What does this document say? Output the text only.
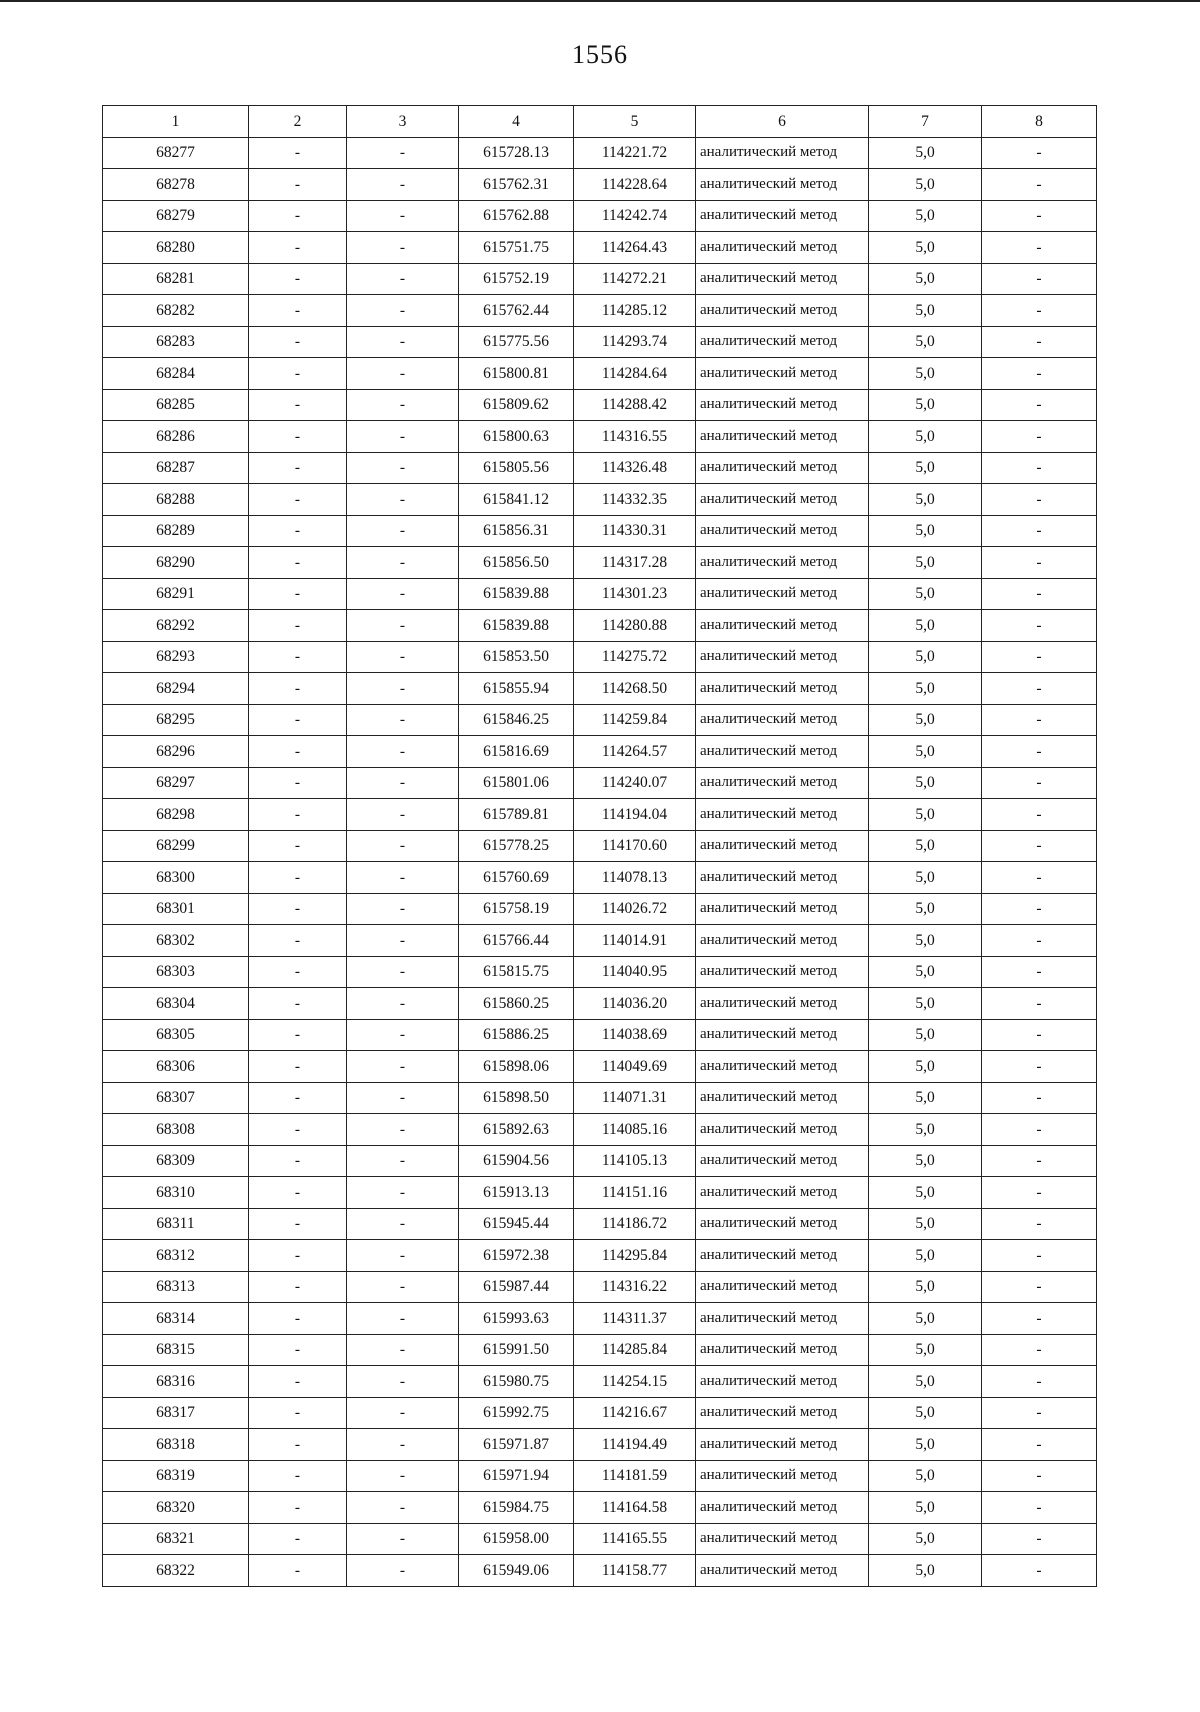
1556
1	2	3	4	5	6	7	8
68277	-	-	615728.13	114221.72	аналитический метод	5,0	-
68278	-	-	615762.31	114228.64	аналитический метод	5,0	-
68279	-	-	615762.88	114242.74	аналитический метод	5,0	-
68280	-	-	615751.75	114264.43	аналитический метод	5,0	-
68281	-	-	615752.19	114272.21	аналитический метод	5,0	-
68282	-	-	615762.44	114285.12	аналитический метод	5,0	-
68283	-	-	615775.56	114293.74	аналитический метод	5,0	-
68284	-	-	615800.81	114284.64	аналитический метод	5,0	-
68285	-	-	615809.62	114288.42	аналитический метод	5,0	-
68286	-	-	615800.63	114316.55	аналитический метод	5,0	-
68287	-	-	615805.56	114326.48	аналитический метод	5,0	-
68288	-	-	615841.12	114332.35	аналитический метод	5,0	-
68289	-	-	615856.31	114330.31	аналитический метод	5,0	-
68290	-	-	615856.50	114317.28	аналитический метод	5,0	-
68291	-	-	615839.88	114301.23	аналитический метод	5,0	-
68292	-	-	615839.88	114280.88	аналитический метод	5,0	-
68293	-	-	615853.50	114275.72	аналитический метод	5,0	-
68294	-	-	615855.94	114268.50	аналитический метод	5,0	-
68295	-	-	615846.25	114259.84	аналитический метод	5,0	-
68296	-	-	615816.69	114264.57	аналитический метод	5,0	-
68297	-	-	615801.06	114240.07	аналитический метод	5,0	-
68298	-	-	615789.81	114194.04	аналитический метод	5,0	-
68299	-	-	615778.25	114170.60	аналитический метод	5,0	-
68300	-	-	615760.69	114078.13	аналитический метод	5,0	-
68301	-	-	615758.19	114026.72	аналитический метод	5,0	-
68302	-	-	615766.44	114014.91	аналитический метод	5,0	-
68303	-	-	615815.75	114040.95	аналитический метод	5,0	-
68304	-	-	615860.25	114036.20	аналитический метод	5,0	-
68305	-	-	615886.25	114038.69	аналитический метод	5,0	-
68306	-	-	615898.06	114049.69	аналитический метод	5,0	-
68307	-	-	615898.50	114071.31	аналитический метод	5,0	-
68308	-	-	615892.63	114085.16	аналитический метод	5,0	-
68309	-	-	615904.56	114105.13	аналитический метод	5,0	-
68310	-	-	615913.13	114151.16	аналитический метод	5,0	-
68311	-	-	615945.44	114186.72	аналитический метод	5,0	-
68312	-	-	615972.38	114295.84	аналитический метод	5,0	-
68313	-	-	615987.44	114316.22	аналитический метод	5,0	-
68314	-	-	615993.63	114311.37	аналитический метод	5,0	-
68315	-	-	615991.50	114285.84	аналитический метод	5,0	-
68316	-	-	615980.75	114254.15	аналитический метод	5,0	-
68317	-	-	615992.75	114216.67	аналитический метод	5,0	-
68318	-	-	615971.87	114194.49	аналитический метод	5,0	-
68319	-	-	615971.94	114181.59	аналитический метод	5,0	-
68320	-	-	615984.75	114164.58	аналитический метод	5,0	-
68321	-	-	615958.00	114165.55	аналитический метод	5,0	-
68322	-	-	615949.06	114158.77	аналитический метод	5,0	-
